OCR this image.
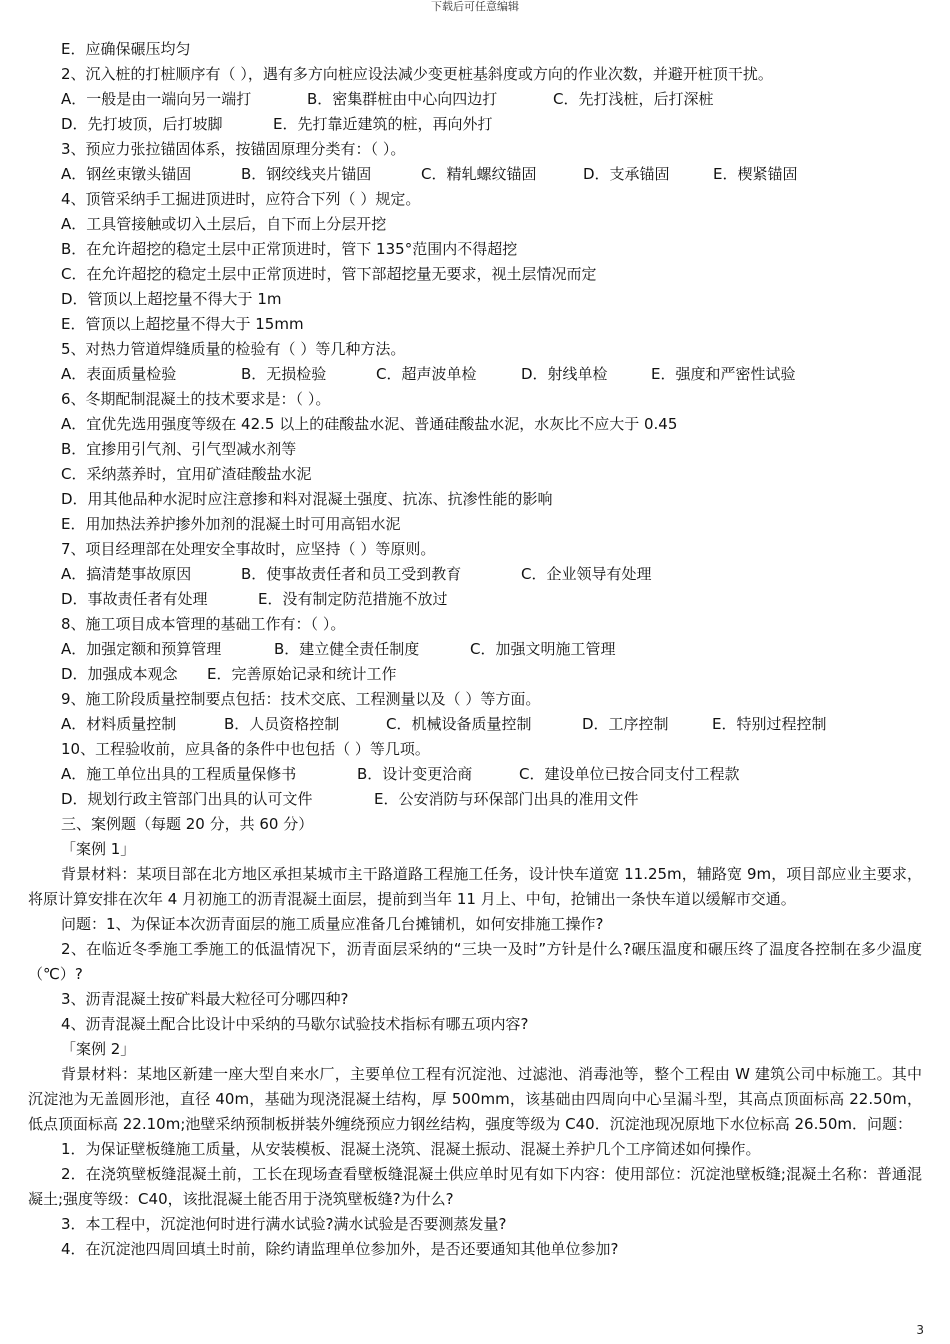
下载后可任意编辑
E．应确保碾压均匀
2、沉入桩的打桩顺序有（ ），遇有多方向桩应设法减少变更桩基斜度或方向的作业次数，并避开桩顶干扰。
A．一般是由一端向另一端打	B．密集群桩由中心向四边打	C．先打浅桩，后打深桩
D．先打坡顶，后打坡脚	E．先打靠近建筑的桩，再向外打
3、预应力张拉锚固体系，按锚固原理分类有：（ ）。
A．钢丝束镦头锚固	B．钢绞线夹片锚固	C．精轧螺纹锚固	D．支承锚固	E．楔紧锚固
4、顶管采纳手工掘进顶进时，应符合下列（ ）规定。
A．工具管接触或切入土层后，自下而上分层开挖
B．在允许超挖的稳定土层中正常顶进时，管下 135°范围内不得超挖
C．在允许超挖的稳定土层中正常顶进时，管下部超挖量无要求，视土层情况而定
D．管顶以上超挖量不得大于 1m
E．管顶以上超挖量不得大于 15mm
5、对热力管道焊缝质量的检验有（ ）等几种方法。
A．表面质量检验	B．无损检验	C．超声波单检	D．射线单检	E．强度和严密性试验
6、冬期配制混凝土的技术要求是：（ ）。
A．宜优先选用强度等级在 42.5 以上的硅酸盐水泥、普通硅酸盐水泥，水灰比不应大于 0.45
B．宜掺用引气剂、引气型减水剂等
C．采纳蒸养时，宜用矿渣硅酸盐水泥
D．用其他品种水泥时应注意掺和料对混凝土强度、抗冻、抗渗性能的影响
E．用加热法养护掺外加剂的混凝土时可用高铝水泥
7、项目经理部在处理安全事故时，应坚持（ ）等原则。
A．搞清楚事故原因	B．使事故责任者和员工受到教育	C．企业领导有处理
D．事故责任者有处理	E．没有制定防范措施不放过
8、施工项目成本管理的基础工作有：（ ）。
A．加强定额和预算管理	B．建立健全责任制度	C．加强文明施工管理
D．加强成本观念 E．完善原始记录和统计工作
9、施工阶段质量控制要点包括：技术交底、工程测量以及（ ）等方面。
A．材料质量控制	B．人员资格控制	C．机械设备质量控制	D．工序控制	E．特别过程控制
10、工程验收前，应具备的条件中也包括（ ）等几项。
A．施工单位出具的工程质量保修书	B．设计变更洽商	C．建设单位已按合同支付工程款
D．规划行政主管部门出具的认可文件	E．公安消防与环保部门出具的准用文件
三、案例题（每题 20 分，共 60 分）
「案例 1」
背景材料：某项目部在北方地区承担某城市主干路道路工程施工任务，设计快车道宽 11.25m，辅路宽 9m，项目部应业主要求，将原计算安排在次年 4 月初施工的沥青混凝土面层，提前到当年 11 月上、中旬，抢铺出一条快车道以缓解市交通。
问题：1、为保证本次沥青面层的施工质量应准备几台摊铺机，如何安排施工操作?
2、在临近冬季施工季施工的低温情况下，沥青面层采纳的“三块一及时”方针是什么?碾压温度和碾压终了温度各控制在多少温度（℃）?
3、沥青混凝土按矿料最大粒径可分哪四种?
4、沥青混凝土配合比设计中采纳的马歇尔试验技术指标有哪五项内容?
「案例 2」
背景材料：某地区新建一座大型自来水厂，主要单位工程有沉淀池、过滤池、消毒池等，整个工程由 W 建筑公司中标施工。其中沉淀池为无盖圆形池，直径 40m，基础为现浇混凝土结构，厚 500mm，该基础由四周向中心呈漏斗型，其高点顶面标高 22.50m，低点顶面标高 22.10m;池壁采纳预制板拼装外缠绕预应力钢丝结构，强度等级为 C40．沉淀池现况原地下水位标高 26.50m．问题：
1．为保证壁板缝施工质量，从安装模板、混凝土浇筑、混凝土振动、混凝土养护几个工序简述如何操作。
2．在浇筑壁板缝混凝土前，工长在现场查看壁板缝混凝土供应单时见有如下内容：使用部位：沉淀池壁板缝;混凝土名称：普通混凝土;强度等级：C40，该批混凝土能否用于浇筑壁板缝?为什么?
3．本工程中，沉淀池何时进行满水试验?满水试验是否要测蒸发量?
4．在沉淀池四周回填土时前，除约请监理单位参加外，是否还要通知其他单位参加?
3
